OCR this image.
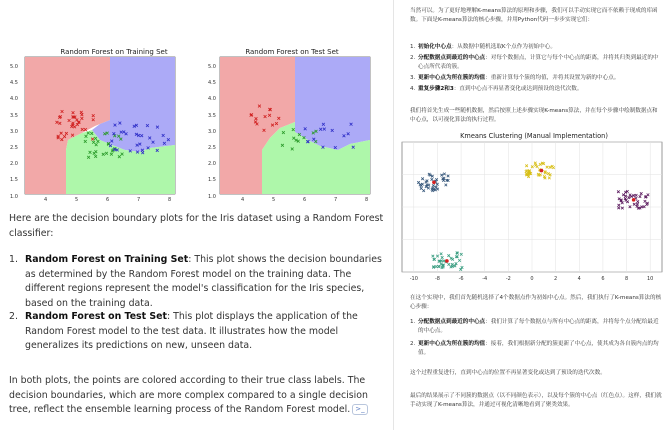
Random Forest on Training Set	Random Forest on Test Set
5.0	5.0
4.5	4.5
4.0	4.0
3.5	3.5
3.0	3.0
2.5	2.5
2.0	2.0
1.5	1.5
1.0	1.0
4	4
5	5
6	6
7	7
8	8
Here are the decision boundary plots for the Iris dataset using a Random Forest classifier:
1. Random Forest on Training Set: This plot shows the decision boundaries as determined by the Random Forest model on the training data. The different regions represent the model's classification for the Iris species, based on the training data.
2. Random Forest on Test Set: This plot displays the application of the Random Forest model to the test data. It illustrates how the model generalizes its predictions on new, unseen data.
In both plots, the points are colored according to their true class labels. The decision boundaries, which are more complex compared to a single decision tree, reflect the ensemble learning process of the Random Forest model. >_
当然可以。为了更好地理解K-means算法的原理和步骤，我们可以手动实现它而不依赖于现成的库函数。下面是K-means算法的核心步骤，并用Python代码一步步实现它们：
1. 初始化中心点：从数据中随机选取K个点作为初始中心。
2. 分配数据点到最近的中心点：对每个数据点，计算它与每个中心点的距离，并将其归类到最近的中心点所代表的簇。
3. 更新中心点为所在簇的均值：重新计算每个簇的均值，并将其设置为新的中心点。
4. 重复步骤2和3：直到中心点不再显著变化或达到预设的迭代次数。
我们将首先生成一些随机数据，然后按照上述步骤实现K-means算法，并在每个步骤中绘制数据点和中心点，以可视化算法的执行过程。
Kmeans Clustering (Manual Implementation)
-10	-8	-6	-4	-2	0	2	4	6	8	10
在这个实现中，我们首先随机选择了4个数据点作为初始中心点。然后，我们执行了K-means算法的核心步骤：
1. 分配数据点到最近的中心点：我们计算了每个数据点与所有中心点的距离，并将每个点分配给最近的中心点。
2. 更新中心点为所在簇的均值：接着，我们根据新分配的簇更新了中心点，使其成为各自簇内点的均值。
这个过程重复进行，直到中心点的位置不再显著变化或达到了预设的迭代次数。
最后的结果展示了不同簇的数据点（以不同颜色表示），以及每个簇的中心点（红色点）。这样，我们就手动实现了K-means算法，并通过可视化清晰地看到了聚类效果。
